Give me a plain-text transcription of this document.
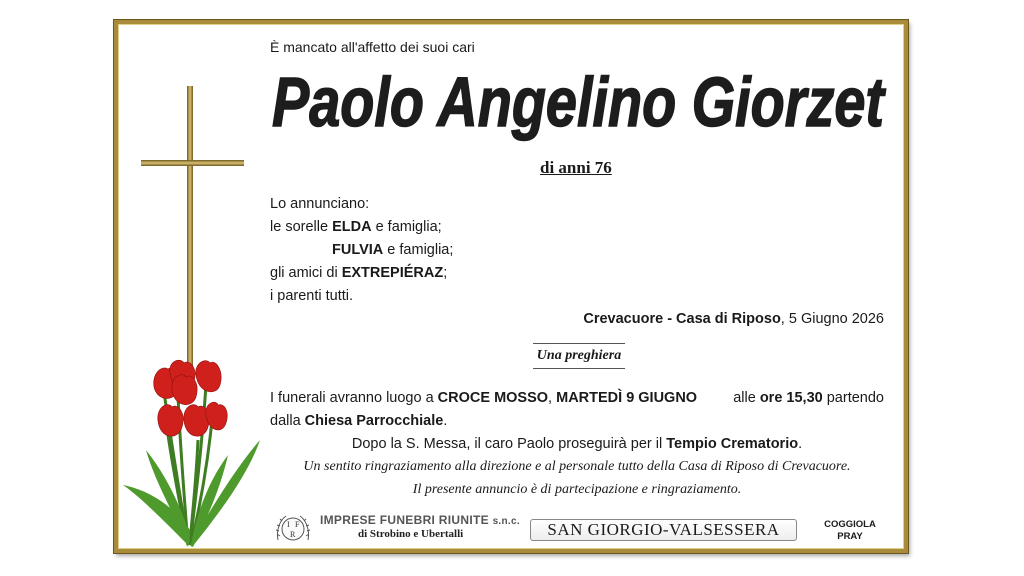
È mancato all'affetto dei suoi cari
Paolo Angelino Giorzet
di anni 76
Lo annunciano:
le sorelle ELDA e famiglia;
FULVIA e famiglia;
gli amici di EXTREPIÉRAZ;
i parenti tutti.
Crevacuore - Casa di Riposo, 5 Giugno 2026
Una preghiera
I funerali avranno luogo a CROCE MOSSO, MARTEDÌ 9 GIUGNO alle ore 15,30 partendo
dalla Chiesa Parrocchiale.
Dopo la S. Messa, il caro Paolo proseguirà per il Tempio Crematorio.
Un sentito ringraziamento alla direzione e al personale tutto della Casa di Riposo di Crevacuore.
Il presente annuncio è di partecipazione e ringraziamento.
I F
R
IMPRESE FUNEBRI RIUNITE s.n.c.
di Strobino e Ubertalli	SAN GIORGIO-VALSESSERA	COGGIOLA
PRAY
